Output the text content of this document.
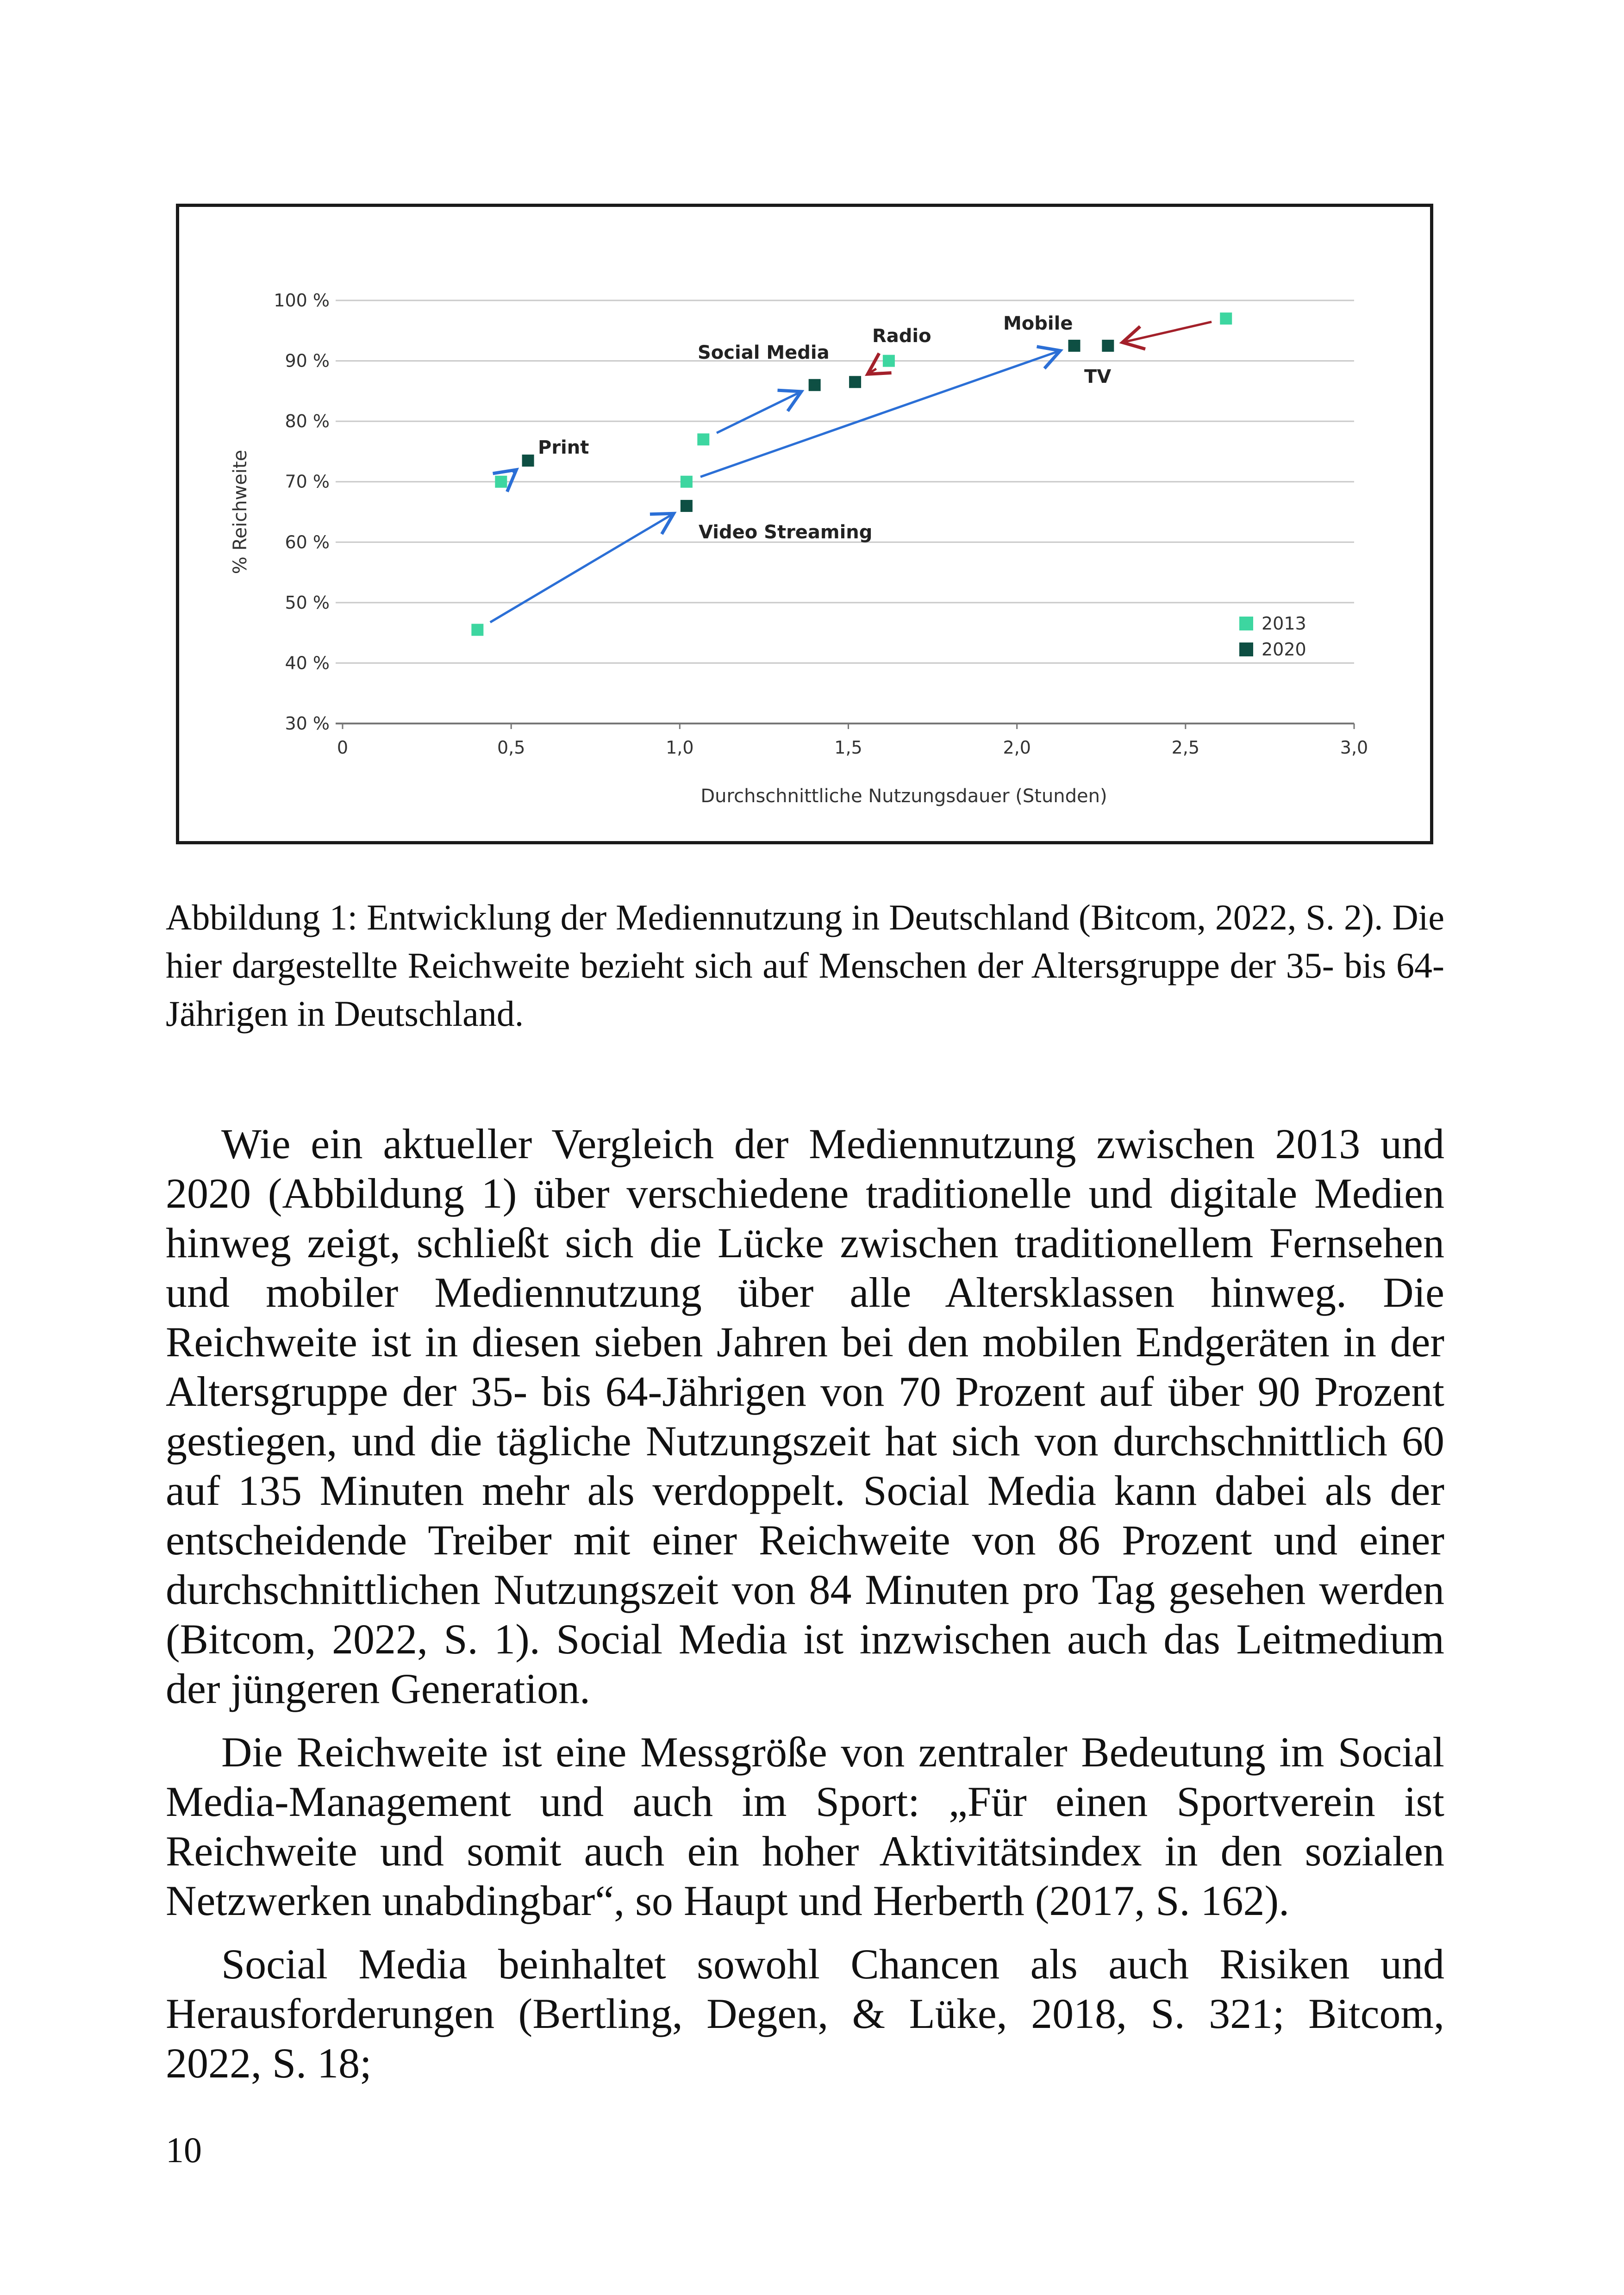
30 %
40 %
50 %
60 %
70 %
80 %
90 %
100 %
0	0,5	1,0	1,5	2,0	2,5	3,0
Durchschnittliche Nutzungsdauer (Stunden)
% Reichweite
Print
Social Media
Radio
Mobile
TV
Video Streaming
2013
2020

Abbildung 1: Entwicklung der Mediennutzung in Deutschland (Bitcom, 2022, S. 2). Die hier dargestellte Reichweite bezieht sich auf Menschen der Altersgruppe der 35- bis 64-Jährigen in Deutschland.

Wie ein aktueller Vergleich der Mediennutzung zwischen 2013 und 2020 (Abbildung 1) über verschiedene traditionelle und digitale Medien hinweg zeigt, schließt sich die Lücke zwischen traditionellem Fernsehen und mobiler Mediennutzung über alle Altersklassen hinweg. Die Reichweite ist in diesen sieben Jahren bei den mobilen Endgeräten in der Altersgruppe der 35- bis 64-Jährigen von 70 Prozent auf über 90 Prozent gestiegen, und die tägliche Nutzungszeit hat sich von durchschnittlich 60 auf 135 Minuten mehr als verdoppelt. Social Media kann dabei als der entscheidende Treiber mit einer Reichweite von 86 Prozent und einer durchschnittlichen Nutzungszeit von 84 Minuten pro Tag gesehen werden (Bitcom, 2022, S. 1). Social Media ist inzwischen auch das Leitmedium der jüngeren Generation.

Die Reichweite ist eine Messgröße von zentraler Bedeutung im Social Media-Management und auch im Sport: „Für einen Sportverein ist Reichweite und somit auch ein hoher Aktivitätsindex in den sozialen Netzwerken unabdingbar“, so Haupt und Herberth (2017, S. 162).

Social Media beinhaltet sowohl Chancen als auch Risiken und Herausforderungen (Bertling, Degen, & Lüke, 2018, S. 321; Bitcom, 2022, S. 18;

10
